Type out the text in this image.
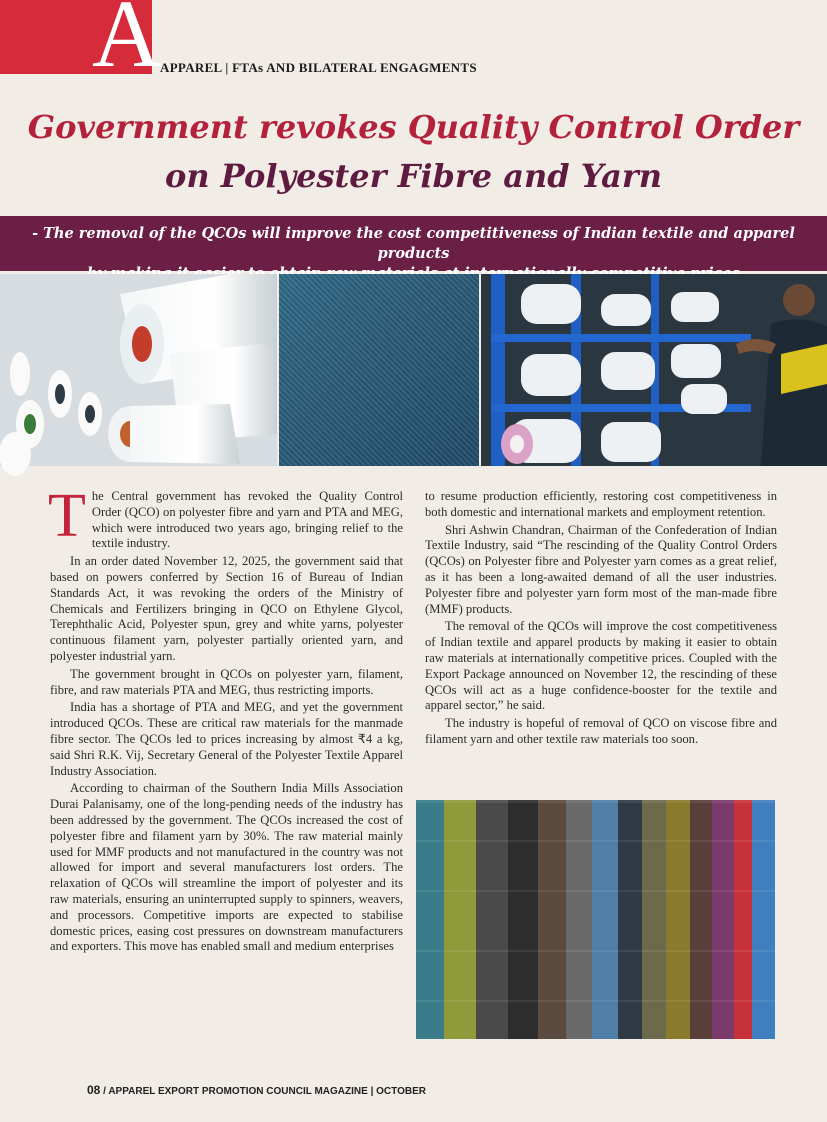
A
APPAREL | FTAs AND BILATERAL ENGAGMENTS
Government revokes Quality Control Order
on Polyester Fibre and Yarn
- The removal of the QCOs will improve the cost competitiveness of Indian textile and apparel products

The Central government has revoked the Quality Control Order (QCO) on polyester fibre and yarn and PTA and MEG, which were introduced two years ago, bringing relief to the textile industry.

In an order dated November 12, 2025, the government said that based on powers conferred by Section 16 of Bureau of Indian Standards Act, it was revoking the orders of the Ministry of Chemicals and Fertilizers bringing in QCO on Ethylene Glycol, Terephthalic Acid, Polyester spun, grey and white yarns, polyester continuous filament yarn, polyester partially oriented yarn, and polyester industrial yarn.

The government brought in QCOs on polyester yarn, filament, fibre, and raw materials PTA and MEG, thus restricting imports.

India has a shortage of PTA and MEG, and yet the government introduced QCOs. These are critical raw materials for the manmade fibre sector. The QCOs led to prices increasing by almost ₹4 a kg, said Shri R.K. Vij, Secretary General of the Polyester Textile Apparel Industry Association.

According to chairman of the Southern India Mills Association Durai Palanisamy, one of the long-pending needs of the industry has been addressed by the government. The QCOs increased the cost of polyester fibre and filament yarn by 30%. The raw material mainly used for MMF products and not manufactured in the country was not allowed for import and several manufacturers lost orders. The relaxation of QCOs will streamline the import of polyester and its raw materials, ensuring an uninterrupted supply to spinners, weavers, and processors. Competitive imports are expected to stabilise domestic prices, easing cost pressures on downstream manufacturers and exporters. This move has enabled small and medium enterprises

to resume production efficiently, restoring cost competitiveness in both domestic and international markets and employment retention.

Shri Ashwin Chandran, Chairman of the Confederation of Indian Textile Industry, said “The rescinding of the Quality Control Orders (QCOs) on Polyester fibre and Polyester yarn comes as a great relief, as it has been a long-awaited demand of all the user industries. Polyester fibre and polyester yarn form most of the man-made fibre (MMF) products.

The removal of the QCOs will improve the cost competitiveness of Indian textile and apparel products by making it easier to obtain raw materials at internationally competitive prices. Coupled with the Export Package announced on November 12, the rescinding of these QCOs will act as a huge confidence-booster for the textile and apparel sector,” he said.

The industry is hopeful of removal of QCO on viscose fibre and filament yarn and other textile raw materials too soon.

08 / APPAREL EXPORT PROMOTION COUNCIL MAGAZINE | OCTOBER
